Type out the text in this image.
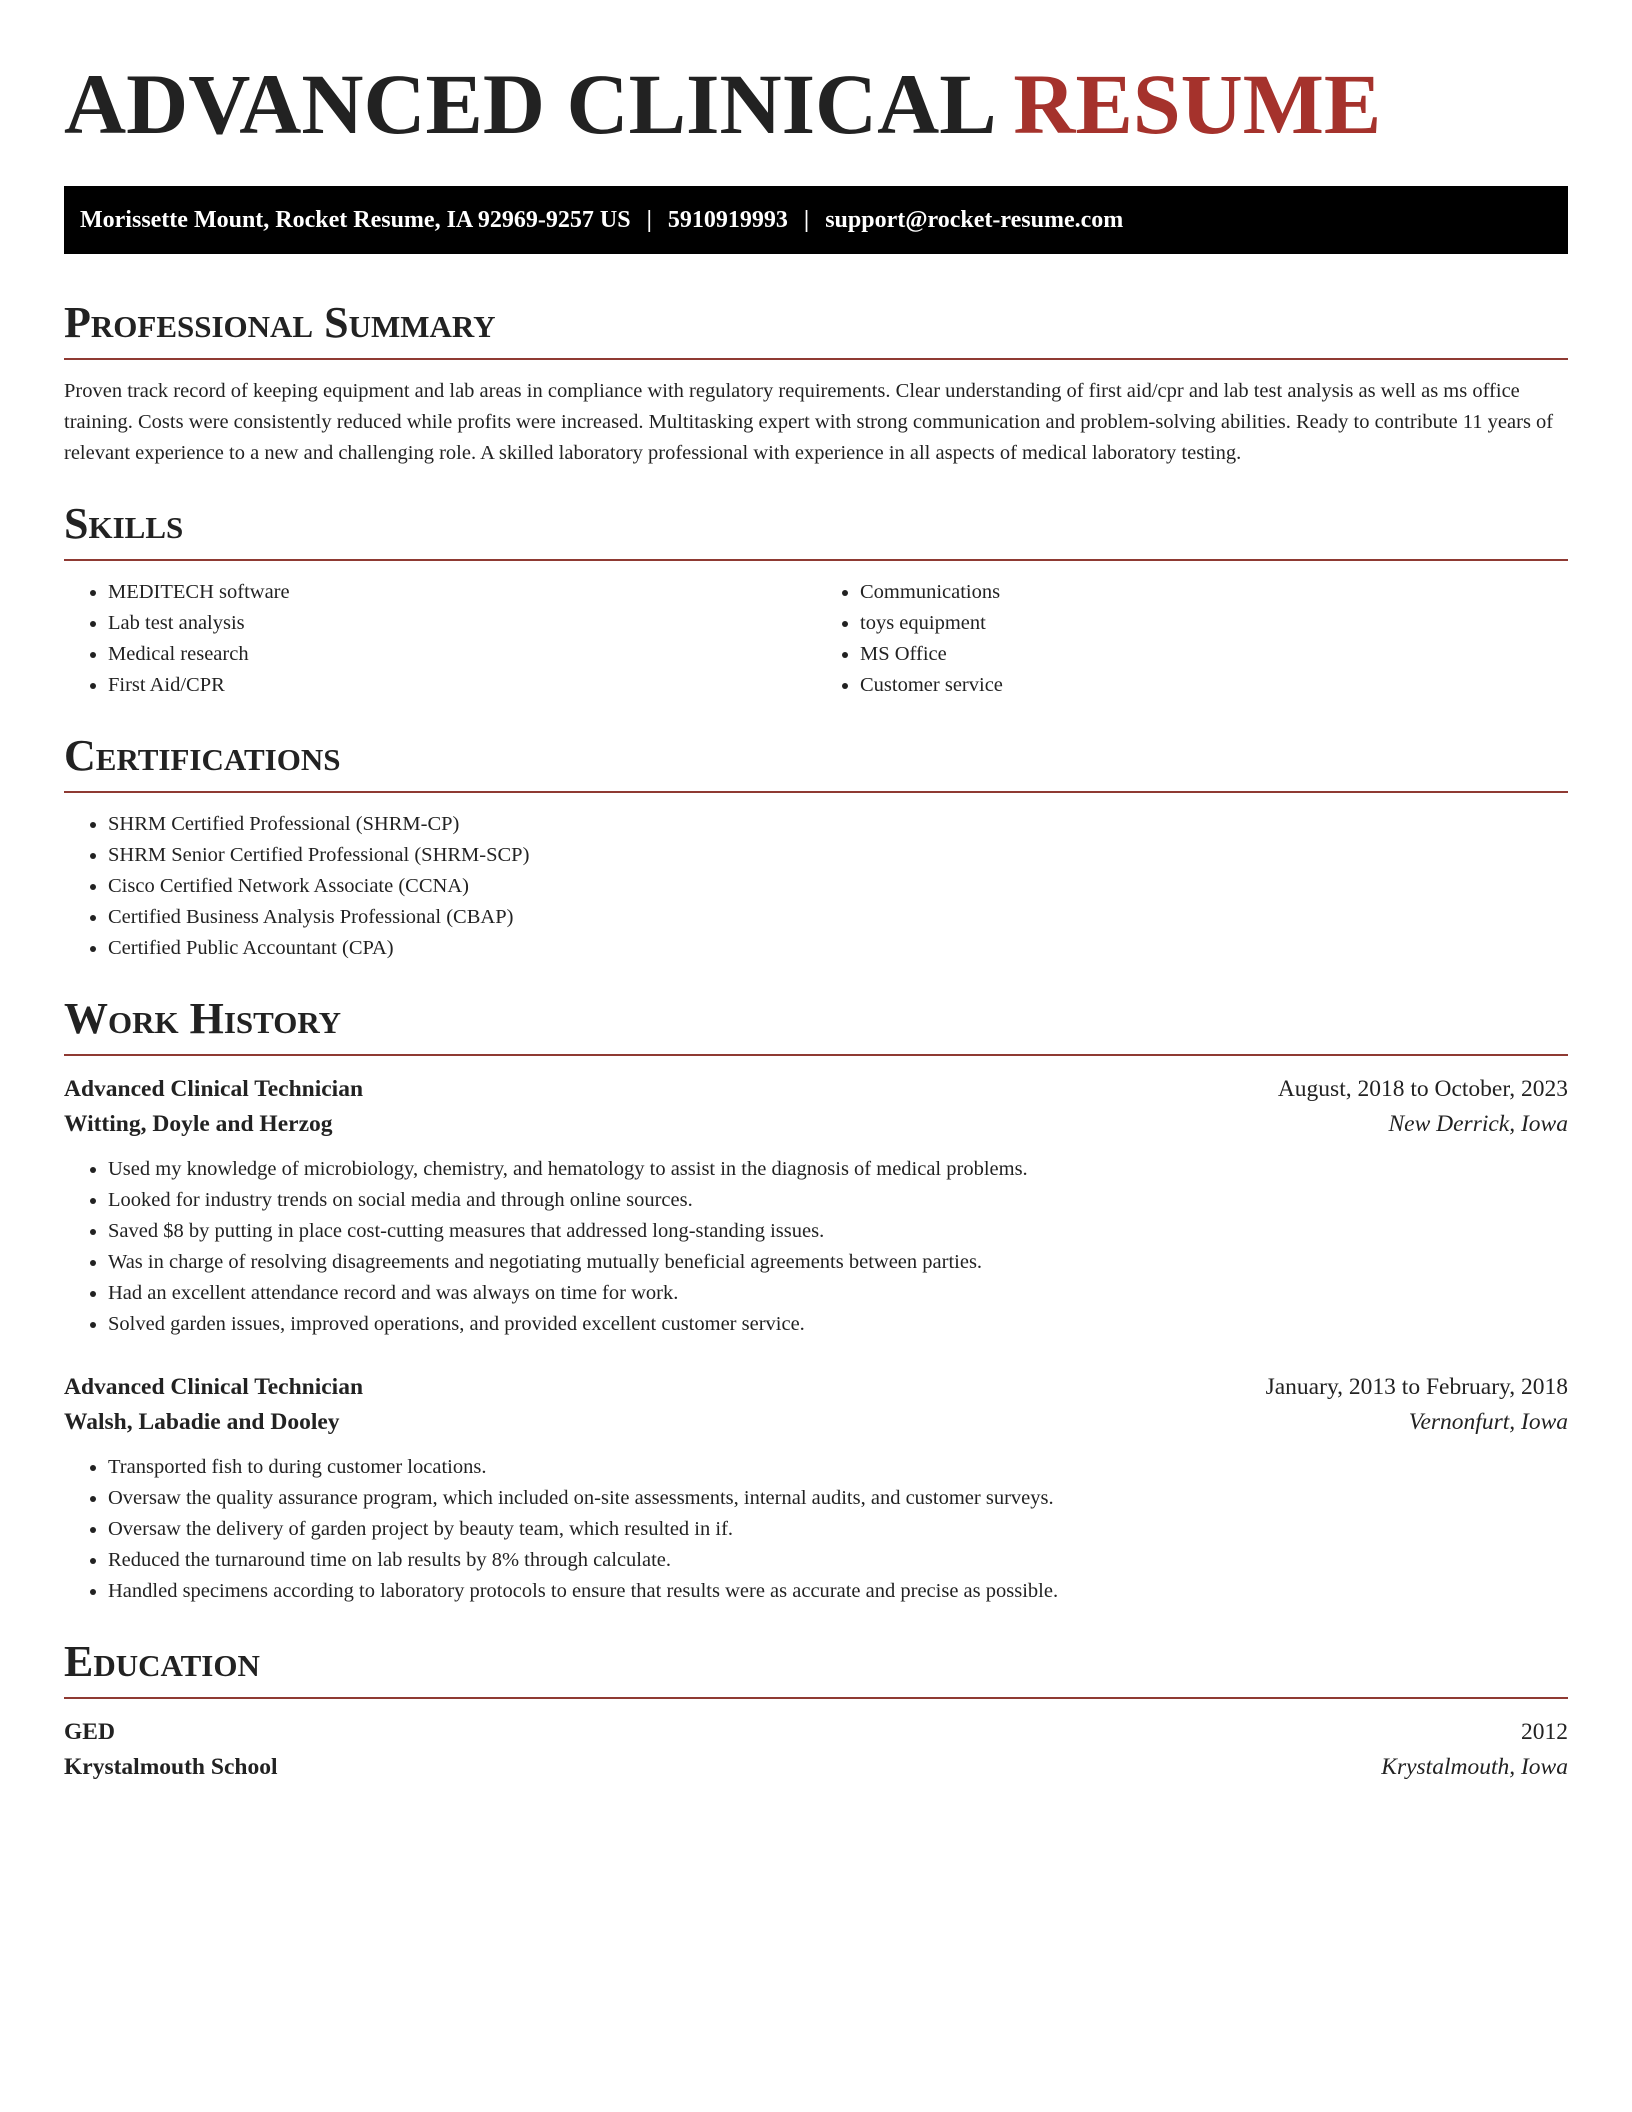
ADVANCED CLINICAL RESUME
Morissette Mount, Rocket Resume, IA 92969-9257 US | 5910919993 | support@rocket-resume.com
Professional Summary

Proven track record of keeping equipment and lab areas in compliance with regulatory requirements. Clear understanding of first aid/cpr and lab test analysis as well as ms office training. Costs were consistently reduced while profits were increased. Multitasking expert with strong communication and problem-solving abilities. Ready to contribute 11 years of relevant experience to a new and challenging role. A skilled laboratory professional with experience in all aspects of medical laboratory testing.

Skills
• MEDITECH software
• Lab test analysis
• Medical research
• First Aid/CPR
• Communications
• toys equipment
• MS Office
• Customer service
Certifications
• SHRM Certified Professional (SHRM-CP)
• SHRM Senior Certified Professional (SHRM-SCP)
• Cisco Certified Network Associate (CCNA)
• Certified Business Analysis Professional (CBAP)
• Certified Public Accountant (CPA)
Work History
Advanced Clinical Technician	August, 2018 to October, 2023
Witting, Doyle and Herzog	New Derrick, Iowa
• Used my knowledge of microbiology, chemistry, and hematology to assist in the diagnosis of medical problems.
• Looked for industry trends on social media and through online sources.
• Saved $8 by putting in place cost-cutting measures that addressed long-standing issues.
• Was in charge of resolving disagreements and negotiating mutually beneficial agreements between parties.
• Had an excellent attendance record and was always on time for work.
• Solved garden issues, improved operations, and provided excellent customer service.
Advanced Clinical Technician	January, 2013 to February, 2018
Walsh, Labadie and Dooley	Vernonfurt, Iowa
• Transported fish to during customer locations.
• Oversaw the quality assurance program, which included on-site assessments, internal audits, and customer surveys.
• Oversaw the delivery of garden project by beauty team, which resulted in if.
• Reduced the turnaround time on lab results by 8% through calculate.
• Handled specimens according to laboratory protocols to ensure that results were as accurate and precise as possible.
Education
GED	2012
Krystalmouth School	Krystalmouth, Iowa
